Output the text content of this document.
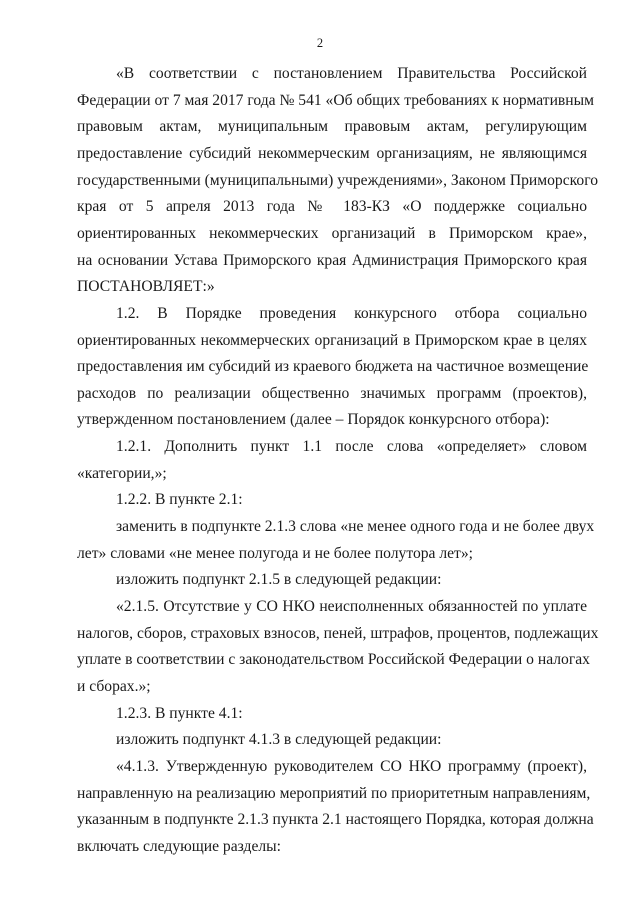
2
«В соответствии с постановлением Правительства Российской
Федерации от 7 мая 2017 года № 541 «Об общих требованиях к нормативным
правовым актам, муниципальным правовым актам, регулирующим
предоставление субсидий некоммерческим организациям, не являющимся
государственными (муниципальными) учреждениями», Законом Приморского
края от 5 апреля 2013 года № 183-КЗ «О поддержке социально
ориентированных некоммерческих организаций в Приморском крае»,
на основании Устава Приморского края Администрация Приморского края
ПОСТАНОВЛЯЕТ:»
1.2. В Порядке проведения конкурсного отбора социально
ориентированных некоммерческих организаций в Приморском крае в целях
предоставления им субсидий из краевого бюджета на частичное возмещение
расходов по реализации общественно значимых программ (проектов),
утвержденном постановлением (далее – Порядок конкурсного отбора):
1.2.1. Дополнить пункт 1.1 после слова «определяет» словом
«категории,»;
1.2.2. В пункте 2.1:
заменить в подпункте 2.1.3 слова «не менее одного года и не более двух
лет» словами «не менее полугода и не более полутора лет»;
изложить подпункт 2.1.5 в следующей редакции:
«2.1.5. Отсутствие у СО НКО неисполненных обязанностей по уплате
налогов, сборов, страховых взносов, пеней, штрафов, процентов, подлежащих
уплате в соответствии с законодательством Российской Федерации о налогах
и сборах.»;
1.2.3. В пункте 4.1:
изложить подпункт 4.1.3 в следующей редакции:
«4.1.3. Утвержденную руководителем СО НКО программу (проект),
направленную на реализацию мероприятий по приоритетным направлениям,
указанным в подпункте 2.1.3 пункта 2.1 настоящего Порядка, которая должна
включать следующие разделы:
